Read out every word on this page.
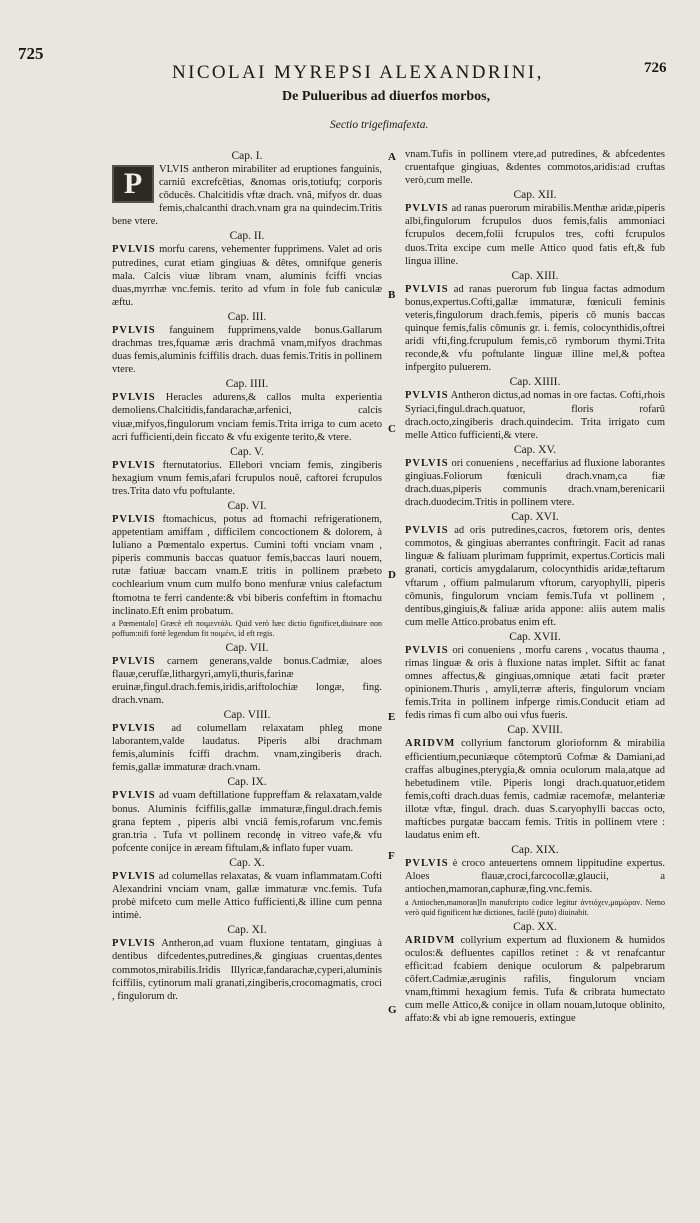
725
NICOLAI MYREPSI ALEXANDRINI,	726
De Pulueribus ad diuerfos morbos,
Sectio trigefimafexta.
A
B
C
D
E
F
G
Cap. I.

P	VLVIS antheron mirabiliter ad eruptiones fanguinis, carniũ excrefcētias, &nomas oris,totiufq; corporis cōducēs. Chalcitidis vftæ drach. vnã, mifyos dr. duas femis,chalcanthi drach.vnam gra na quindecim.Tritis bene vtere.

Cap. II.

PVLVIS morfu carens, vehementer fupprimens. Valet ad oris putredines, curat etiam gingiuas & dētes, omnifque generis mala. Calcis viuæ libram vnam, aluminis fciffi vncias duas,myrrhæ vnc.femis. terito ad vfum in fole fub caniculæ æftu.

Cap. III.

PVLVIS fanguinem fupprimens,valde bonus.Gallarum drachmas tres,fquamæ æris drachmã vnam,mifyos drachmas duas femis,aluminis fciffilis drach. duas femis.Tritis in pollinem vtere.

Cap. IIII.

PVLVIS Heracles adurens,& callos multa experientia demoliens.Chalcitidis,fandarachæ,arfenici, calcis viuæ,mifyos,fingulorum vnciam femis.Trita irriga to cum aceto acri fufficienti,dein ficcato & vfu exigente terito,& vtere.

Cap. V.

PVLVIS fternutatorius. Ellebori vnciam femis, zingiberis hexagium vnum femis,afari fcrupulos nouẽ, caftorei fcrupulos tres.Trita dato vfu poftulante.

Cap. VI.

PVLVIS ftomachicus, potus ad ftomachi refrigerationem, appetentiam amiffam , difficilem concoctionem & dolorem, à Iuliano a Pœmentalo expertus. Cumini tofti vnciam vnam , piperis communis baccas quatuor femis,baccas lauri nouem, rutæ fatiuæ baccam vnam.E tritis in pollinem præbeto cochlearium vnum cum mulfo bono menfuræ vnius calefactum ftomotna te ferri candente:& vbi biberis confeftim in ftomachu inclinato.Eft enim probatum.

a Pœmentalo] Græcè eft ποιμεντάλι. Quid verò hæc dictio fignificet,diuinare non poffum:nifi fortè legendum fit ποιμένι, id eft regis.

Cap. VII.

PVLVIS carnem generans,valde bonus.Cadmiæ, aloes flauæ,cerufſæ,lithargyri,amyli,thuris,farinæ eruinæ,fingul.drach.femis,iridis,ariftolochiæ longæ, fing. drach.vnam.

Cap. VIII.

PVLVIS ad columellam relaxatam phleg mone laborantem,valde laudatus. Piperis albi drachmam femis,aluminis fciffi drachm. vnam,zingiberis drach. femis,gallæ immaturæ drach.vnam.

Cap. IX.

PVLVIS ad vuam deftillatione fuppreffam & relaxatam,valde bonus. Aluminis fciffilis,gallæ immaturæ,fingul.drach.femis grana feptem , piperis albi vnciã femis,rofarum vnc.femis gran.tria . Tufa vt pollinem recondę in vitreo vafe,& vfu pofcente conijce in æream fiftulam,& inflato fuper vuam.

Cap. X.

PVLVIS ad columellas relaxatas, & vuam inflammatam.Cofti Alexandrini vnciam vnam, gallæ immaturæ vnc.femis. Tufa probè mifceto cum melle Attico fufficienti,& illine cum penna intimè.

Cap. XI.

PVLVIS Antheron,ad vuam fluxione tentatam, gingiuas à dentibus difcedentes,putredines,& gingiuas cruentas,dentes commotos,mirabilis.Iridis Illyricæ,fandarachæ,cyperi,aluminis fciffilis, cytinorum mali granati,zingiberis,crocomagmatis, croci , fingulorum dr.

vnam.Tufis in pollinem vtere,ad putredines, & abfcedentes cruentafque gingiuas, &dentes commotos,aridis:ad cruftas verò,cum melle.

Cap. XII.

PVLVIS ad ranas puerorum mirabilis.Menthæ aridæ,piperis albi,fingulorum fcrupulos duos femis,falis ammoniaci fcrupulos decem,folii fcrupulos tres, cofti fcrupulos duos.Trita excipe cum melle Attico quod fatis eft,& fub lingua illine.

Cap. XIII.

PVLVIS ad ranas puerorum fub lingua factas admodum bonus,expertus.Cofti,gallæ immaturæ, fœniculi feminis veteris,fingulorum drach.femis, piperis cō munis baccas quinque femis,falis cōmunis gr. i. femis, colocynthidis,oftrei aridi vfti,fing.fcrupulum femis,cō rymborum thymi.Trita reconde,& vfu poftulante linguæ illine mel,& poftea infpergito puluerem.

Cap. XIIII.

PVLVIS Antheron dictus,ad nomas in ore factas. Cofti,rhois Syriaci,fingul.drach.quatuor, floris rofarũ drach.octo,zingiberis drach.quindecim. Trita irrigato cum melle Attico fufficienti,& vtere.

Cap. XV.

PVLVIS ori conueniens , neceffarius ad fluxione laborantes gingiuas.Foliorum fœniculi drach.vnam,ca fiæ drach.duas,piperis communis drach.vnam,berenicarii drach.duodecim.Tritis in pollinem vtere.

Cap. XVI.

PVLVIS ad oris putredines,cacros, fœtorem oris, dentes commotos, & gingiuas aberrantes conftringit. Facit ad ranas linguæ & faliuam plurimam fupprimit, expertus.Corticis mali granati, corticis amygdalarum, colocynthidis aridæ,teftarum vftarum , offium palmularum vftorum, caryophylli, piperis cōmunis, fingulorum vnciam femis.Tufa vt pollinem , dentibus,gingiuis,& faliuæ arida appone: aliis autem malis cum melle Attico.probatus enim eft.

Cap. XVII.

PVLVIS ori conueniens , morfu carens , vocatus thauma , rimas linguæ & oris à fluxione natas implet. Siftit ac fanat omnes affectus,& gingiuas,omnique ætati facit præter opinionem.Thuris , amyli,terræ afteris, fingulorum vnciam femis.Trita in pollinem infperge rimis.Conducit etiam ad fedis rimas fi cum albo oui vfus fueris.

Cap. XVIII.

ARIDVM collyrium fanctorum gloriofornm & mirabilia efficientium,pecuniæque cōtemptorũ Cofmæ & Damiani,ad craffas albugines,pterygia,& omnia oculorum mala,atque ad hebetudinem vtile. Piperis longi drach.quatuor,etidem femis,cofti drach.duas femis, cadmiæ racemofæ, melanteriæ illotæ vftæ, fingul. drach. duas S.caryophylli baccas octo, mafticbes purgatæ baccam femis. Tritis in pollinem vtere : laudatus enim eft.

Cap. XIX.

PVLVIS è croco anteuertens omnem lippitudine expertus. Aloes flauæ,croci,farcocollæ,glaucii, a antiochen,mamoran,caphuræ,fing.vnc.femis.

a Antiochen,mamoran]In manufcripto codice legitur ἀντιόχεν,μαμώραν. Nemo verò quid fignificent hæ dictiones, facilè (puto) diuinabit.

Cap. XX.

ARIDVM collyrium expertum ad fluxionem & humidos oculos:& defluentes capillos retinet : & vt renafcantur efficit:ad fcabiem denique oculorum & palpebrarum cōfert.Cadmiæ,æruginis rafilis, fingulorum vnciam vnam,ftimmi hexagium femis. Tufa & cribrata humectato cum melle Attico,& conijce in ollam nouam,lutoque oblinito, affato:& vbi ab igne remoueris, extingue
